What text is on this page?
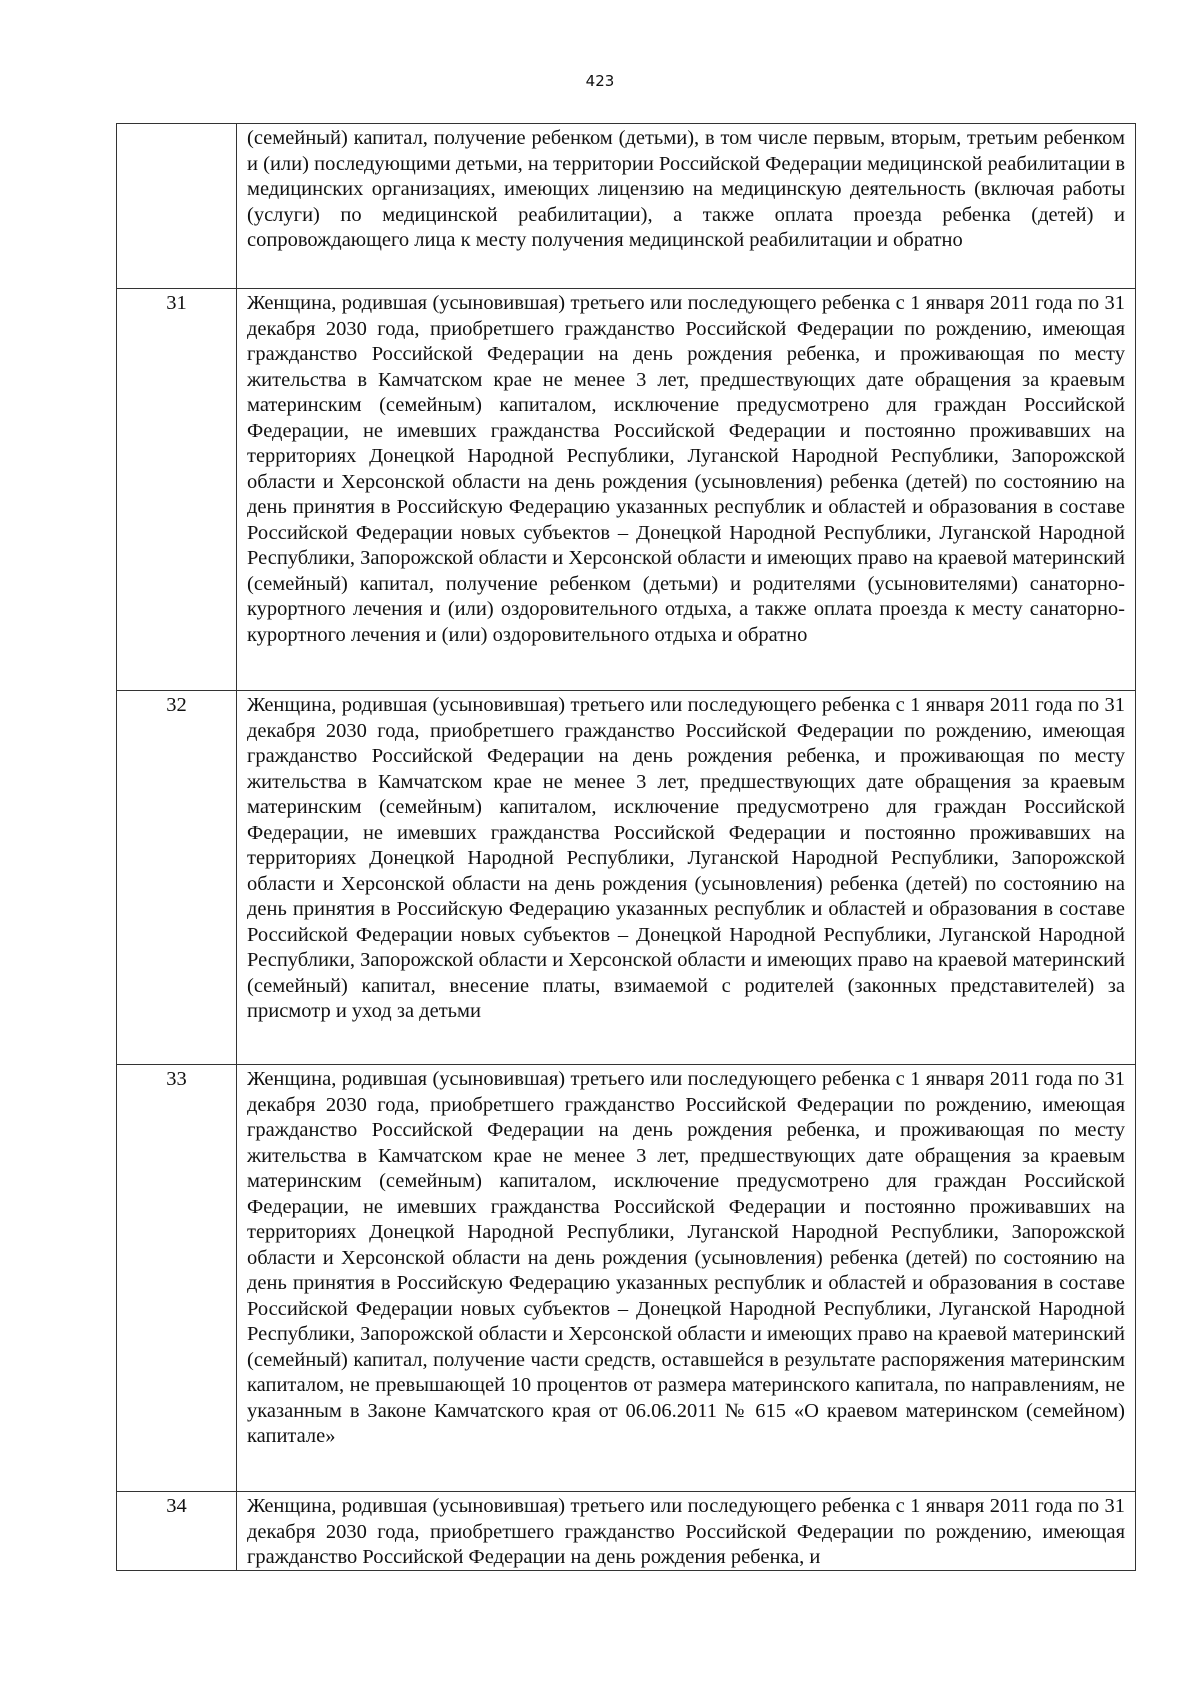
423
	(семейный) капитал, получение ребенком (детьми), в том числе первым, вторым, третьим ребенком и (или) последующими детьми, на территории Российской Федерации медицинской реабилитации в медицинских организациях, имеющих лицензию на медицинскую деятельность (включая работы (услуги) по медицинской реабилитации), а также оплата проезда ребенка (детей) и сопровождающего лица к месту получения медицинской реабилитации и обратно
31	Женщина, родившая (усыновившая) третьего или последующего ребенка с 1 января 2011 года по 31 декабря 2030 года, приобретшего гражданство Российской Федерации по рождению, имеющая гражданство Российской Федерации на день рождения ребенка, и проживающая по месту жительства в Камчатском крае не менее 3 лет, предшествующих дате обращения за краевым материнским (семейным) капиталом, исключение предусмотрено для граждан Российской Федерации, не имевших гражданства Российской Федерации и постоянно проживавших на территориях Донецкой Народной Республики, Луганской Народной Республики, Запорожской области и Херсонской области на день рождения (усыновления) ребенка (детей) по состоянию на день принятия в Российскую Федерацию указанных республик и областей и образования в составе Российской Федерации новых субъектов – Донецкой Народной Республики, Луганской Народной Республики, Запорожской области и Херсонской области и имеющих право на краевой материнский (семейный) капитал, получение ребенком (детьми) и родителями (усыновителями) санаторно-курортного лечения и (или) оздоровительного отдыха, а также оплата проезда к месту санаторно-курортного лечения и (или) оздоровительного отдыха и обратно
32	Женщина, родившая (усыновившая) третьего или последующего ребенка с 1 января 2011 года по 31 декабря 2030 года, приобретшего гражданство Российской Федерации по рождению, имеющая гражданство Российской Федерации на день рождения ребенка, и проживающая по месту жительства в Камчатском крае не менее 3 лет, предшествующих дате обращения за краевым материнским (семейным) капиталом, исключение предусмотрено для граждан Российской Федерации, не имевших гражданства Российской Федерации и постоянно проживавших на территориях Донецкой Народной Республики, Луганской Народной Республики, Запорожской области и Херсонской области на день рождения (усыновления) ребенка (детей) по состоянию на день принятия в Российскую Федерацию указанных республик и областей и образования в составе Российской Федерации новых субъектов – Донецкой Народной Республики, Луганской Народной Республики, Запорожской области и Херсонской области и имеющих право на краевой материнский (семейный) капитал, внесение платы, взимаемой с родителей (законных представителей) за присмотр и уход за детьми
33	Женщина, родившая (усыновившая) третьего или последующего ребенка с 1 января 2011 года по 31 декабря 2030 года, приобретшего гражданство Российской Федерации по рождению, имеющая гражданство Российской Федерации на день рождения ребенка, и проживающая по месту жительства в Камчатском крае не менее 3 лет, предшествующих дате обращения за краевым материнским (семейным) капиталом, исключение предусмотрено для граждан Российской Федерации, не имевших гражданства Российской Федерации и постоянно проживавших на территориях Донецкой Народной Республики, Луганской Народной Республики, Запорожской области и Херсонской области на день рождения (усыновления) ребенка (детей) по состоянию на день принятия в Российскую Федерацию указанных республик и областей и образования в составе Российской Федерации новых субъектов – Донецкой Народной Республики, Луганской Народной Республики, Запорожской области и Херсонской области и имеющих право на краевой материнский (семейный) капитал, получение части средств, оставшейся в результате распоряжения материнским капиталом, не превышающей 10 процентов от размера материнского капитала, по направлениям, не указанным в Законе Камчатского края от 06.06.2011 № 615 «О краевом материнском (семейном) капитале»
34	Женщина, родившая (усыновившая) третьего или последующего ребенка с 1 января 2011 года по 31 декабря 2030 года, приобретшего гражданство Российской Федерации по рождению, имеющая гражданство Российской Федерации на день рождения ребенка, и
